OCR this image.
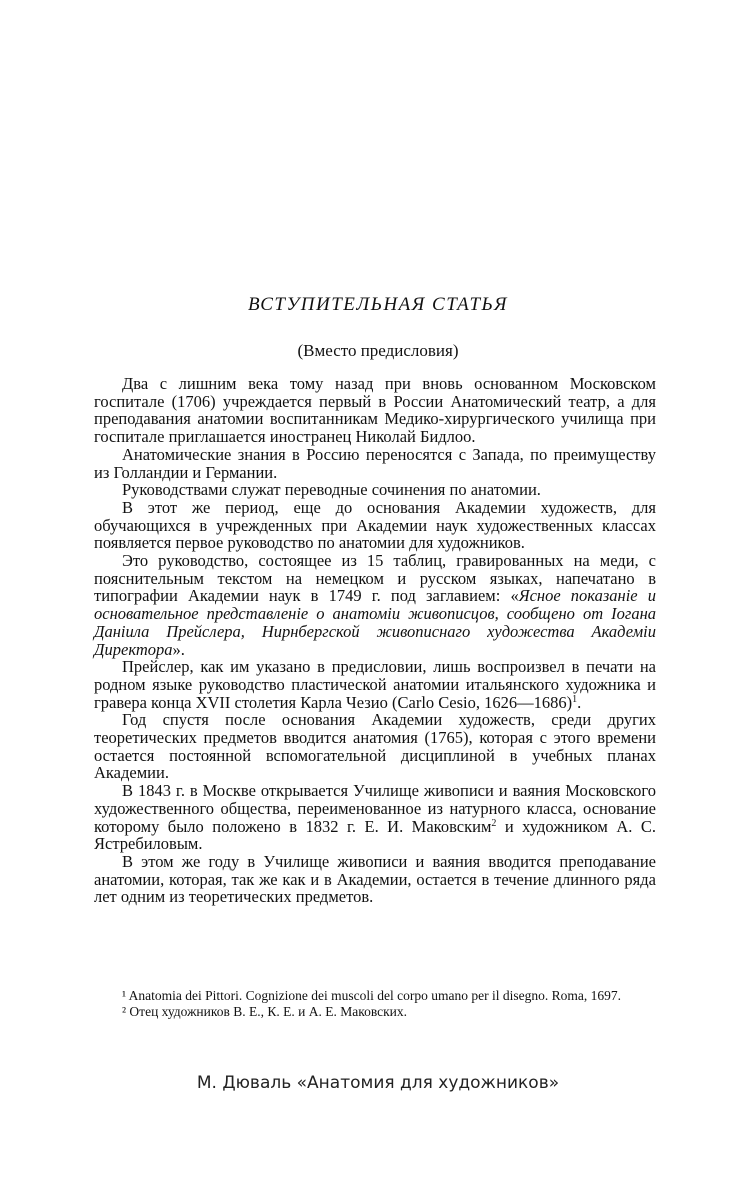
ВСТУПИТЕЛЬНАЯ СТАТЬЯ
(Вместо предисловия)

Два с лишним века тому назад при вновь основанном Московском госпитале (1706) учреждается первый в России Анатомический театр, а для преподавания анатомии воспитанникам Медико-хирургического училища при госпитале приглашается иностранец Николай Бидлоо.

Анатомические знания в Россию переносятся с Запада, по преимуществу из Голландии и Германии.

Руководствами служат переводные сочинения по анатомии.

В этот же период, еще до основания Академии художеств, для обучающихся в учрежденных при Академии наук художественных классах появляется первое руководство по анатомии для художников.

Это руководство, состоящее из 15 таблиц, гравированных на меди, с пояснительным текстом на немецком и русском языках, напечатано в типографии Академии наук в 1749 г. под заглавием: «Ясное показаніе и основательное представленіе о анатоміи живописцов, сообщено от Іогана Даніила Прейслера, Нирнбергской живописнаго художества Академіи Директора».

Прейслер, как им указано в предисловии, лишь воспроизвел в печати на родном языке руководство пластической анатомии итальянского художника и гравера конца XVII столетия Карла Чезио (Carlo Cesio, 1626—1686)$^1$.

Год спустя после основания Академии художеств, среди других теоретических предметов вводится анатомия (1765), которая с этого времени остается постоянной вспомогательной дисциплиной в учебных планах Академии.

В 1843 г. в Москве открывается Училище живописи и ваяния Московского художественного общества, переименованное из натурного класса, основание которому было положено в 1832 г. Е. И. Маковским$^2$ и художником А. С. Ястребиловым.

В этом же году в Училище живописи и ваяния вводится преподавание анатомии, которая, так же как и в Академии, остается в течение длинного ряда лет одним из теоретических предметов.

¹ Anatomia dei Pittori. Cognizione dei muscoli del corpo umano per il disegno. Roma, 1697.

² Отец художников В. Е., К. Е. и А. Е. Маковских.

М. Дюваль «Анатомия для художников»
